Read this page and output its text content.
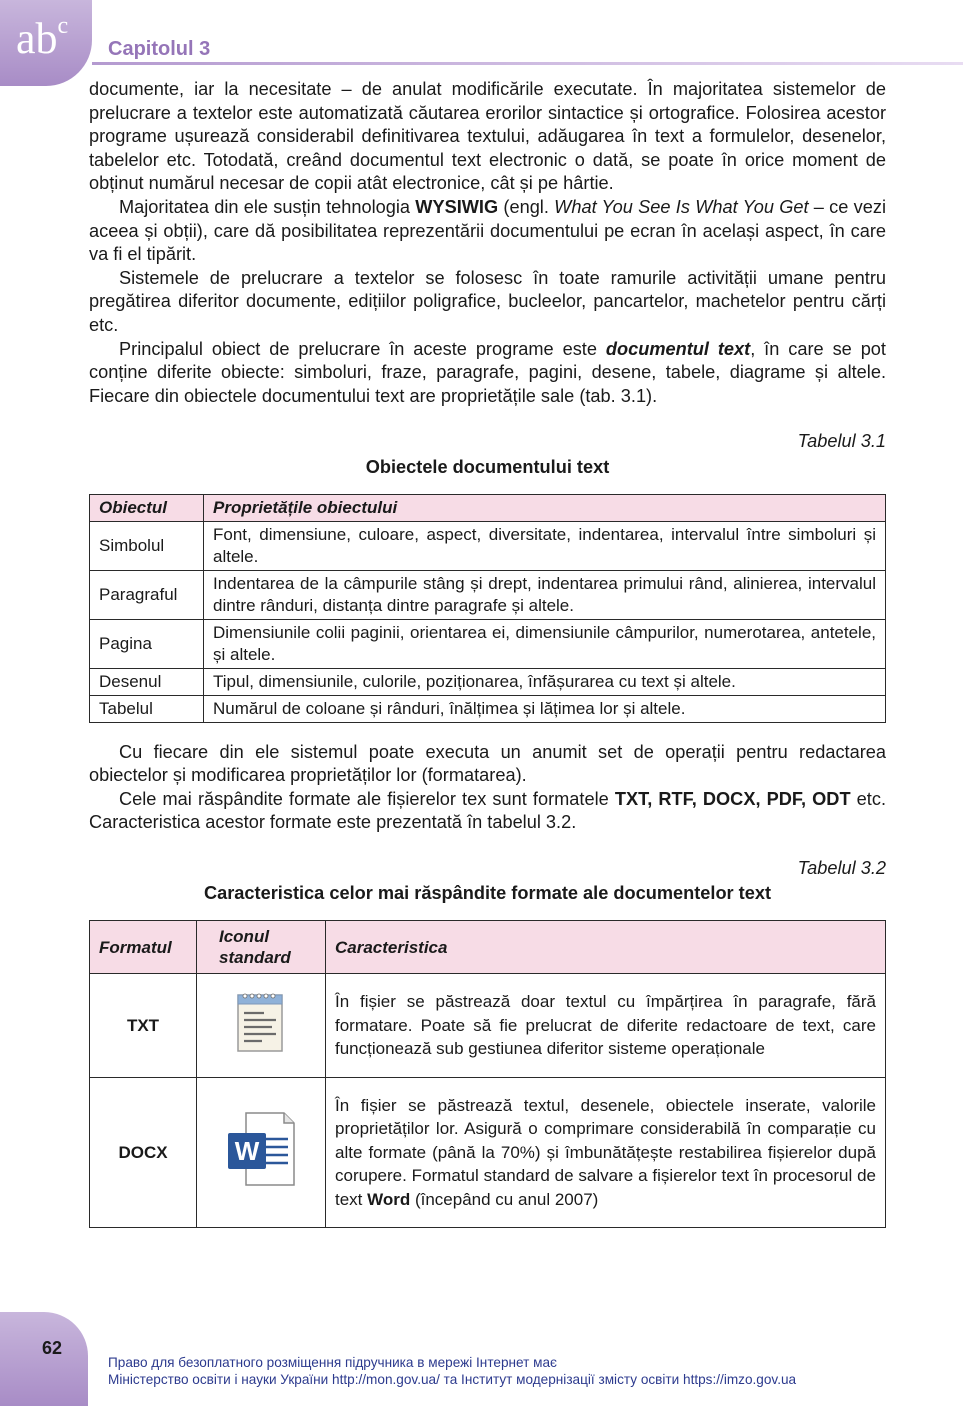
$ab^c$
Capitolul 3

documente, iar la necesitate – de anulat modificările executate. În majoritatea sistemelor de prelucrare a textelor este automatizată căutarea erorilor sintactice și ortografice. Folosirea acestor programe ușurează considerabil definitivarea textului, adăugarea în text a formulelor, desenelor, tabelelor etc. Totodată, creând documentul text electronic o dată, se poate în orice moment de obținut numărul necesar de copii atât electronice, cât și pe hârtie.

Majoritatea din ele susțin tehnologia WYSIWIG (engl. What You See Is What You Get – ce vezi aceea și obții), care dă posibilitatea reprezentării documentului pe ecran în același aspect, în care va fi el tipărit.

Sistemele de prelucrare a textelor se folosesc în toate ramurile activității umane pentru pregătirea diferitor documente, edițiilor poligrafice, bucleelor, pancartelor, machetelor pentru cărți etc.

Principalul obiect de prelucrare în aceste programe este documentul text, în care se pot conține diferite obiecte: simboluri, fraze, paragrafe, pagini, desene, tabele, diagrame și altele. Fiecare din obiectele documentului text are proprietățile sale (tab. 3.1).

Tabelul 3.1
Obiectele documentului text
Obiectul	Proprietățile obiectului
Simbolul	Font, dimensiune, culoare, aspect, diversitate, indentarea, intervalul între simboluri și altele.
Paragraful	Indentarea de la câmpurile stâng și drept, indentarea primului rând, alinierea, intervalul dintre rânduri, distanța dintre paragrafe și altele.
Pagina	Dimensiunile colii paginii, orientarea ei, dimensiunile câmpurilor, numerotarea, antetele, și altele.
Desenul	Tipul, dimensiunile, culorile, poziționarea, înfășurarea cu text și altele.
Tabelul	Numărul de coloane și rânduri, înălțimea și lățimea lor și altele.

Cu fiecare din ele sistemul poate executa un anumit set de operații pentru redactarea obiectelor și modificarea proprietăților lor (formatarea).

Cele mai răspândite formate ale fișierelor tex sunt formatele TXT, RTF, DOCX, PDF, ODT etc. Caracteristica acestor formate este prezentată în tabelul 3.2.

Tabelul 3.2
Caracteristica celor mai răspândite formate ale documentelor text
Formatul	Iconul standard	Caracteristica
TXT		În fișier se păstrează doar textul cu împărțirea în paragrafe, fără formatare. Poate să fie prelucrat de diferite redactoare de text, care funcționează sub gestiunea diferitor sisteme operaționale
DOCX	W	În fișier se păstrează textul, desenele, obiectele inserate, valorile proprietăților lor. Asigură o comprimare considerabilă în comparație cu alte formate (până la 70%) și îmbunătățește restabilirea fișierelor după corupere. Formatul standard de salvare a fișierelor text în procesorul de text Word (începând cu anul 2007)
62
Право для безоплатного розміщення підручника в мережі Інтернет має
Міністерство освіти і науки України http://mon.gov.ua/ та Інститут модернізації змісту освіти https://imzo.gov.ua
